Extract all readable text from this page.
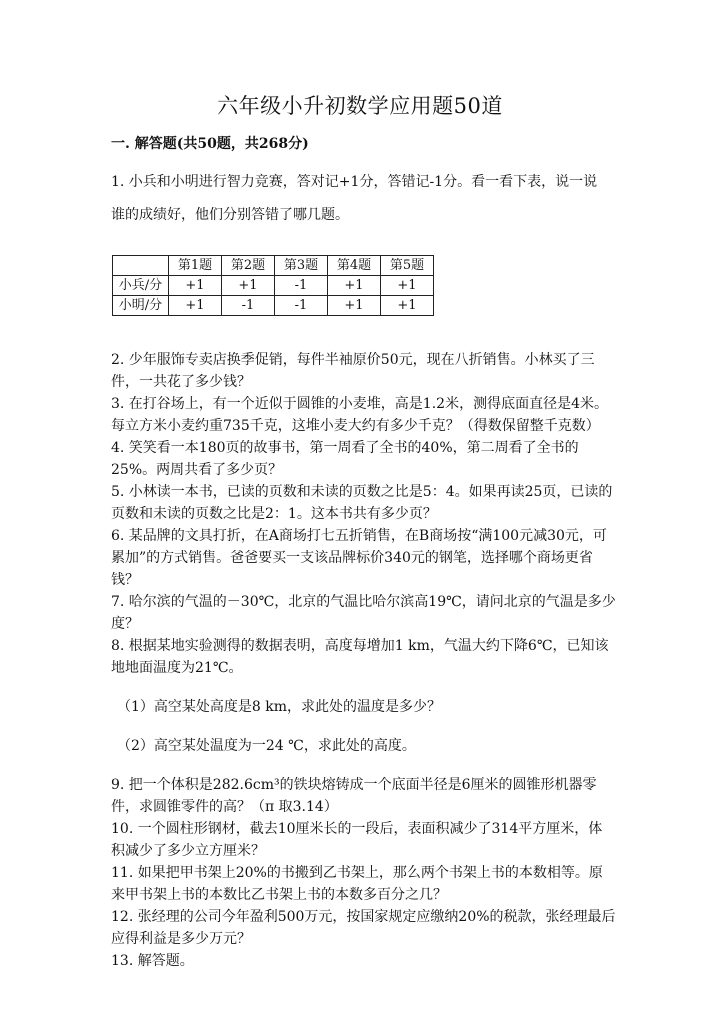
六年级小升初数学应用题50道
一. 解答题(共50题，共268分)
1. 小兵和小明进行智力竞赛，答对记+1分，答错记-1分。看一看下表，说一说
谁的成绩好，他们分别答错了哪几题。
	第1题	第2题	第3题	第4题	第5题
小兵/分	+1	+1	-1	+1	+1
小明/分	+1	-1	-1	+1	+1

2. 少年服饰专卖店换季促销，每件半袖原价50元，现在八折销售。小林买了三件，一共花了多少钱？

3. 在打谷场上，有一个近似于圆锥的小麦堆，高是1.2米，测得底面直径是4米。每立方米小麦约重735千克，这堆小麦大约有多少千克？（得数保留整千克数）

4. 笑笑看一本180页的故事书，第一周看了全书的40%，第二周看了全书的25%。两周共看了多少页？

5. 小林读一本书，已读的页数和未读的页数之比是5：4。如果再读25页，已读的页数和未读的页数之比是2：1。这本书共有多少页？

6. 某品牌的文具打折，在A商场打七五折销售，在B商场按“满100元减30元，可累加”的方式销售。爸爸要买一支该品牌标价340元的钢笔，选择哪个商场更省钱？

7. 哈尔滨的气温的－30℃，北京的气温比哈尔滨高19℃，请问北京的气温是多少度？

8. 根据某地实验测得的数据表明，高度每增加1 km，气温大约下降6℃，已知该地地面温度为21℃。

（1）高空某处高度是8 km，求此处的温度是多少？

（2）高空某处温度为一24 ℃，求此处的高度。

9. 把一个体积是282.6cm³的铁块熔铸成一个底面半径是6厘米的圆锥形机器零件，求圆锥零件的高？（π 取3.14）

10. 一个圆柱形钢材，截去10厘米长的一段后，表面积减少了314平方厘米，体积减少了多少立方厘米？

11. 如果把甲书架上20%的书搬到乙书架上，那么两个书架上书的本数相等。原来甲书架上书的本数比乙书架上书的本数多百分之几？

12. 张经理的公司今年盈利500万元，按国家规定应缴纳20%的税款，张经理最后应得利益是多少万元？

13. 解答题。
